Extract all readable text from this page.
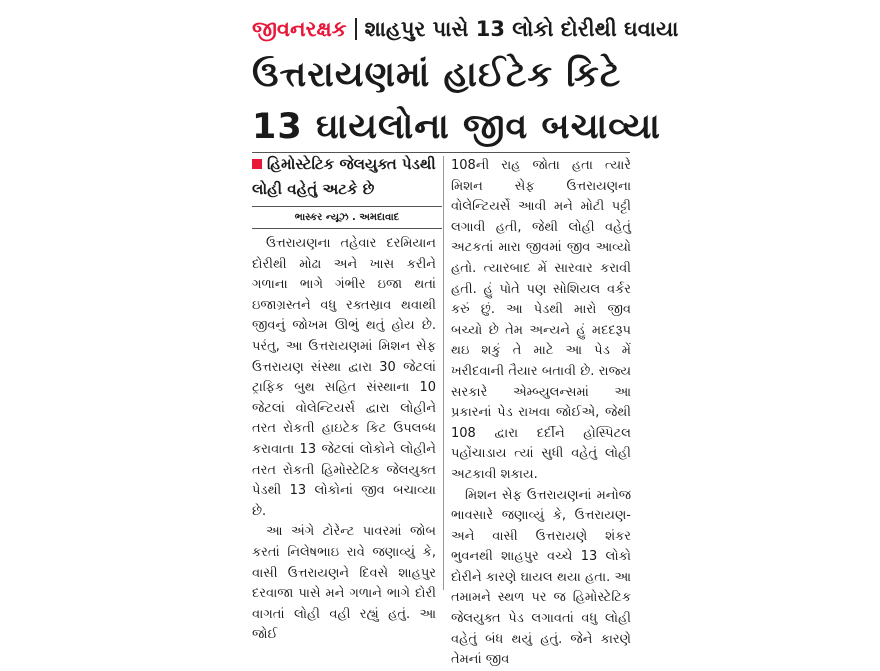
જીવનરક્ષક શાહપુર પાસે 13 લોકો દોરીથી ઘવાયા
ઉત્તરાયણમાં હાઈટેક કિટે
13 ઘાયલોના જીવ બચાવ્યા
હિમોસ્ટેટિક જેલયુક્ત પેડથી લોહી વહેતું અટકે છે
ભાસ્કર ન્યૂઝ . અમદાવાદ

ઉત્તરાયણના તહેવાર દરમિયાન દોરીથી મોઢા અને ખાસ કરીને ગળાના ભાગે ગંભીર ઇજા થતાં ઇજાગ્રસ્તને વધુ રક્તસ્રાવ થવાથી જીવનું જોખમ ઊભું થતું હોય છે. પરંતુ, આ ઉત્તરાયણમાં મિશન સેફ ઉત્તરાયણ સંસ્થા દ્વારા 30 જેટલાં ટ્રાફિક બુથ સહિત સંસ્થાના 10 જેટલાં વોલેન્ટિયર્સ દ્વારા લોહીને તરત રોકતી હાઇટેક કિટ ઉપલબ્ધ કરાવાતા 13 જેટલાં લોકોને લોહીને તરત રોકતી હિમોસ્ટેટિક જેલયુક્ત પેડથી 13 લોકોનાં જીવ બચાવ્યા છે.

આ અંગે ટોરેન્ટ પાવરમાં જોબ કરતાં નિલેષભાઇ રાવે જણાવ્યું કે, વાસી ઉત્તરાયણને દિવસે શાહપુર દરવાજા પાસે મને ગળાને ભાગે દોરી વાગતાં લોહી વહી રહ્યું હતું. આ જોઈ

108ની રાહ જોતા હતા ત્યારે મિશન સેફ ઉત્તરાયણના વોલેન્ટિયર્સે આવી મને મોટી પટ્ટી લગાવી હતી, જેથી લોહી વહેતું અટકતાં મારા જીવમાં જીવ આવ્યો હતો. ત્યારબાદ મેં સારવાર કરાવી હતી. હું પોતે પણ સોશિયલ વર્કર કરું છું. આ પેડથી મારો જીવ બચ્યો છે તેમ અન્યને હું મદદરૂપ થઇ શકું તે માટે આ પેડ મેં ખરીદવાની તૈયાર બતાવી છે. રાજ્ય સરકારે એમ્બ્યુલન્સમાં આ પ્રકારનાં પેડ રાખવા જોઈએ, જેથી 108 દ્વારા દર્દીને હોસ્પિટલ પહોંચાડાય ત્યાં સુધી વહેતું લોહી અટકાવી શકાય.

મિશન સેફ ઉત્તરાયણનાં મનોજ ભાવસારે જણાવ્યું કે, ઉત્તરાયણ-અને વાસી ઉત્તરાયણે શંકર ભુવનથી શાહપુર વચ્ચે 13 લોકો દોરીને કારણે ઘાયલ થયા હતા. આ તમામને સ્થળ પર જ હિમોસ્ટેટિક જેલયુક્ત પેડ લગાવતાં વધુ લોહી વહેતું બંધ થયું હતું. જેને કારણે તેમનાં જીવ
